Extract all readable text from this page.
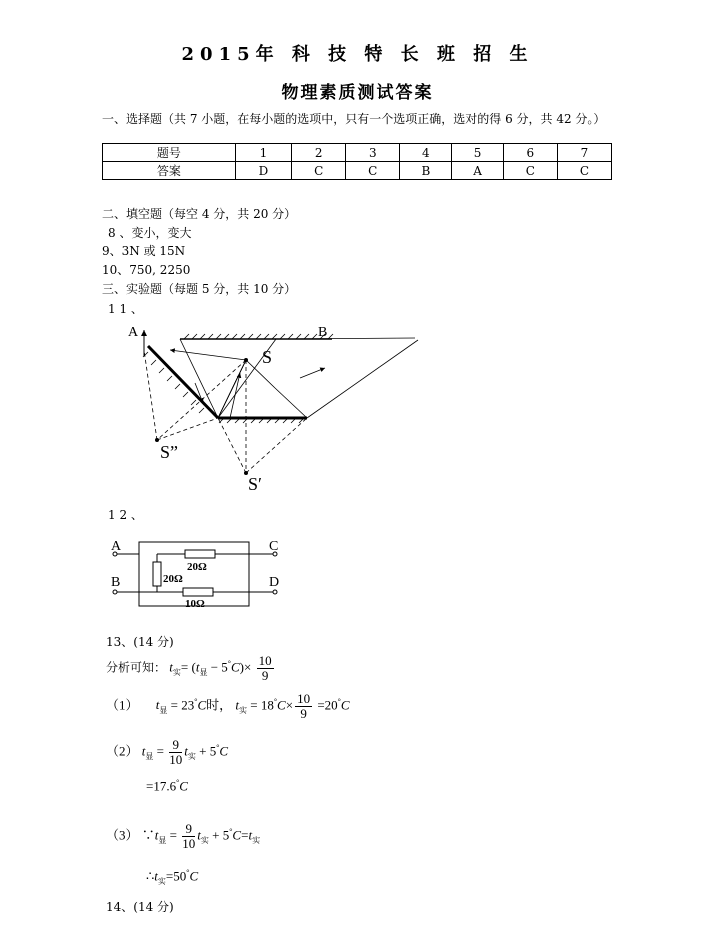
2015年 科 技 特 长 班 招 生
物理素质测试答案
一、选择题（共 7 小题，在每小题的选项中，只有一个选项正确，选对的得 6 分，共 42 分。）
题号	1	2	3	4	5	6	7
答案	D	C	C	B	A	C	C
二、填空题（每空 4 分，共 20 分）
8 、变小，变大
9、3N 或 15N
10、750, 2250
三、实验题（每题 5 分，共 10 分）
1 1 、
A	B
S
S”
S′
1 2 、
A
B
C
D
20Ω
20Ω
10Ω
13、(14 分)
分析可知： $t_实= (t_显 - 5^\circ C)\times \frac{10}{9}$
（1） $t_显 = 23^\circ C$时， $t_实 = 18^\circ C\times \frac{10}{9} =20^\circ C$
（2） $t_显 = \frac{9}{10} t_实 + 5^\circ C$
=17.6°C
（3） $\because t_显 = \frac{9}{10} t_实 + 5^\circ C=t_实$
$\therefore t_实=50^\circ C$
14、(14 分)
